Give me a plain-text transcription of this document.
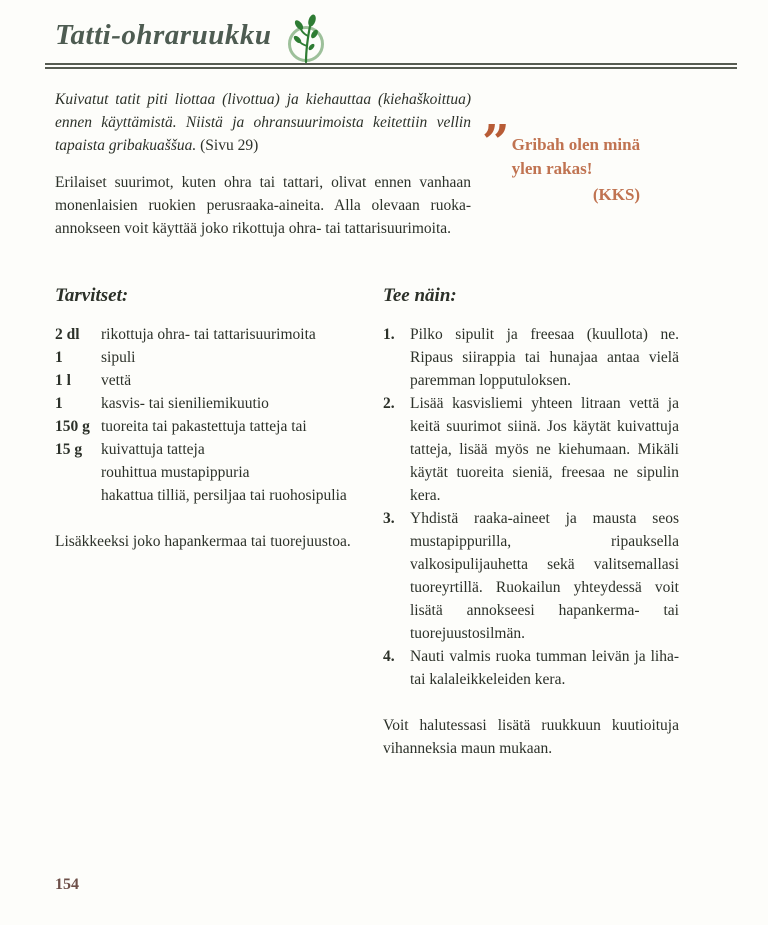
Tatti-ohraruukku

Kuivatut tatit piti liottaa (livottua) ja kiehauttaa (kiehaškoittua) ennen käyttämistä. Niistä ja ohransuurimoista keitettiin vellin tapaista gribakuaššua. (Sivu 29)

Erilaiset suurimot, kuten ohra tai tattari, olivat ennen vanhaan monenlaisien ruokien perusraaka-aineita. Alla olevaan ruoka-annokseen voit käyttää joko rikottuja ohra- tai tattarisuurimoita.

” Gribah olen minä
ylen rakas!
(KKS)
Tarvitset:
2 dl	rikottuja ohra- tai tattarisuurimoita
1	sipuli
1 l	vettä
1	kasvis- tai sieniliemikuutio
150 g tuoreita tai pakastettuja tatteja tai
15 g	kuivattuja tatteja
rouhittua mustapippuria
hakattua tilliä, persiljaa tai ruohosipulia

Lisäkkeeksi joko hapankermaa tai tuorejuustoa.

Tee näin:
1. Pilko sipulit ja freesaa (kuullota) ne. Ripaus siirappia tai hunajaa antaa vielä paremman lopputuloksen.
2. Lisää kasvisliemi yhteen litraan vettä ja keitä suurimot siinä. Jos käytät kuivattuja tatteja, lisää myös ne kiehumaan. Mikäli käytät tuoreita sieniä, freesaa ne sipulin kera.
3. Yhdistä raaka-aineet ja mausta seos mustapippurilla, ripauksella valkosipulijauhetta sekä valitsemallasi tuoreyrtillä. Ruokailun yhteydessä voit lisätä annokseesi hapankerma- tai tuorejuustosilmän.
4. Nauti valmis ruoka tumman leivän ja liha- tai kalaleikkeleiden kera.

Voit halutessasi lisätä ruukkuun kuutioituja vihanneksia maun mukaan.

154
